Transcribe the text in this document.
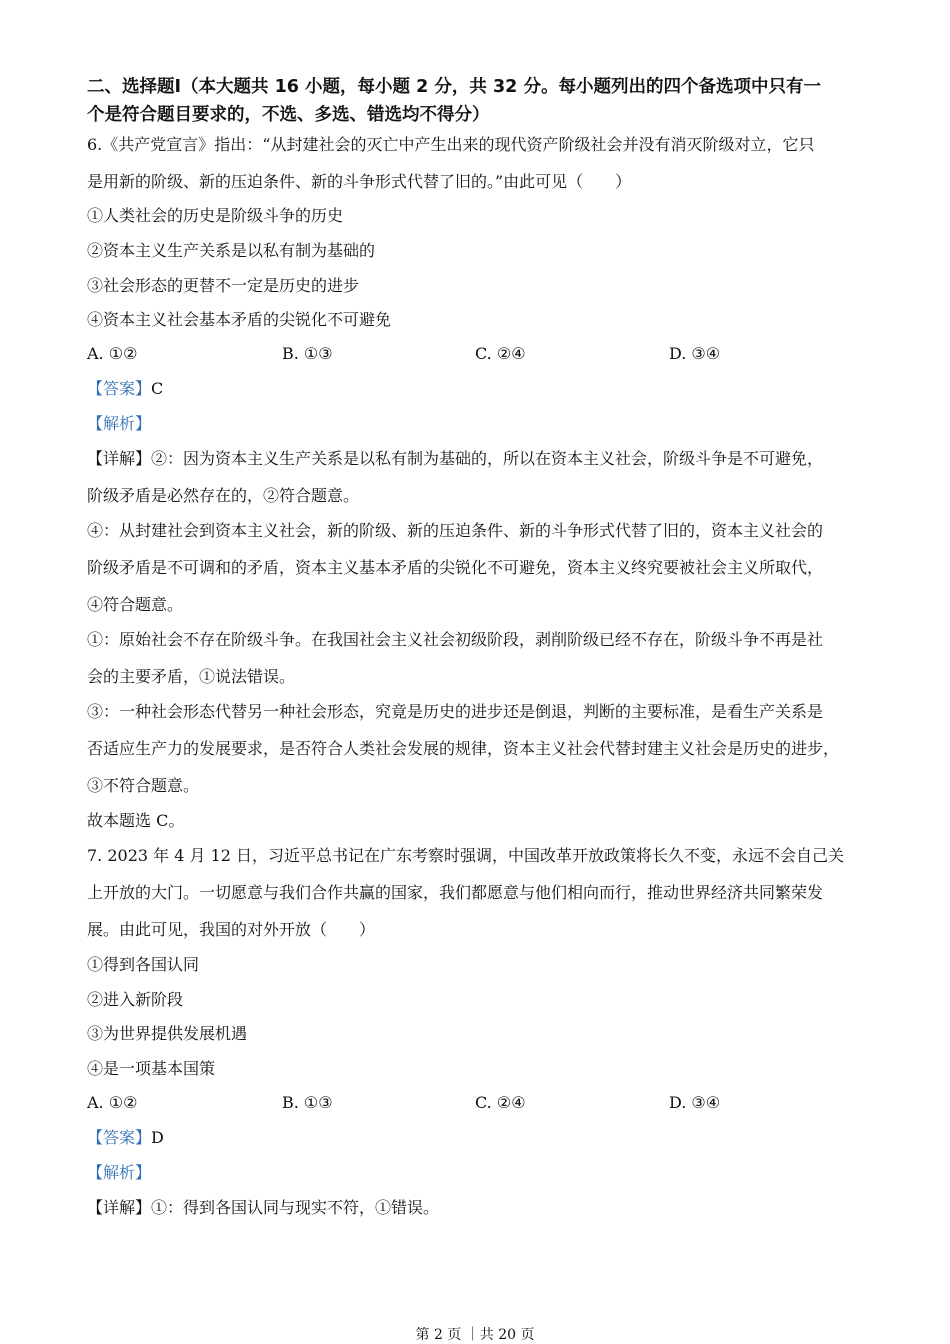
二、选择题Ⅰ（本大题共 16 小题，每小题 2 分，共 32 分。每小题列出的四个备选项中只有一
个是符合题目要求的，不选、多选、错选均不得分）
6.《共产党宣言》指出：“从封建社会的灭亡中产生出来的现代资产阶级社会并没有消灭阶级对立，它只
是用新的阶级、新的压迫条件、新的斗争形式代替了旧的。”由此可见（　　）
①人类社会的历史是阶级斗争的历史
②资本主义生产关系是以私有制为基础的
③社会形态的更替不一定是历史的进步
④资本主义社会基本矛盾的尖锐化不可避免
A. ①②	B. ①③	C. ②④	D. ③④
【答案】C
【解析】
【详解】②：因为资本主义生产关系是以私有制为基础的，所以在资本主义社会，阶级斗争是不可避免，
阶级矛盾是必然存在的，②符合题意。
④：从封建社会到资本主义社会，新的阶级、新的压迫条件、新的斗争形式代替了旧的，资本主义社会的
阶级矛盾是不可调和的矛盾，资本主义基本矛盾的尖锐化不可避免，资本主义终究要被社会主义所取代，
④符合题意。
①：原始社会不存在阶级斗争。在我国社会主义社会初级阶段，剥削阶级已经不存在，阶级斗争不再是社
会的主要矛盾，①说法错误。
③：一种社会形态代替另一种社会形态，究竟是历史的进步还是倒退，判断的主要标准，是看生产关系是
否适应生产力的发展要求，是否符合人类社会发展的规律，资本主义社会代替封建主义社会是历史的进步，
③不符合题意。
故本题选 C。
7. 2023 年 4 月 12 日，习近平总书记在广东考察时强调，中国改革开放政策将长久不变，永远不会自己关
上开放的大门。一切愿意与我们合作共赢的国家，我们都愿意与他们相向而行，推动世界经济共同繁荣发
展。由此可见，我国的对外开放（　　）
①得到各国认同
②进入新阶段
③为世界提供发展机遇
④是一项基本国策
A. ①②	B. ①③	C. ②④	D. ③④
【答案】D
【解析】
【详解】①：得到各国认同与现实不符，①错误。
第 2 页 ｜共 20 页
